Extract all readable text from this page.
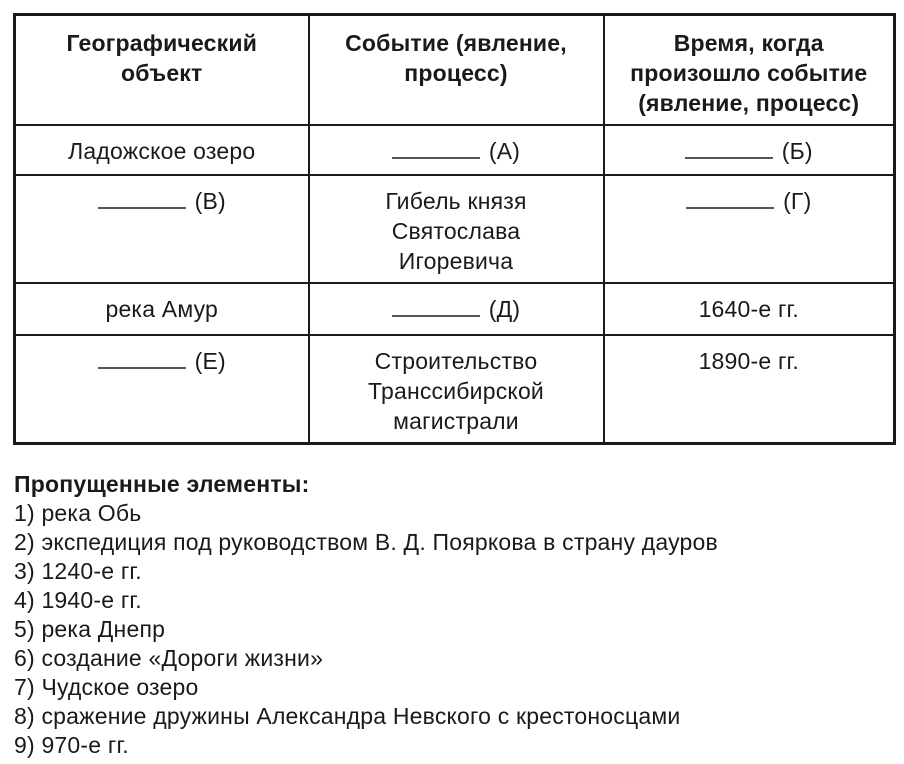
Географический
объект	Событие (явление,
процесс)	Время, когда
произошло событие
(явление, процесс)

Ладожское озеро	(А)	(Б)
(В)	Гибель князя
Святослава
Игоревича	(Г)

река Амур	(Д)	1640-е гг.

(Е)	Строительство
Транссибирской
магистрали	1890-е гг.
Пропущенные элементы:
1) река Обь
2) экспедиция под руководством В. Д. Пояркова в страну дауров
3) 1240-е гг.
4) 1940-е гг.
5) река Днепр
6) создание «Дороги жизни»
7) Чудское озеро
8) сражение дружины Александра Невского с крестоносцами
9) 970-е гг.
